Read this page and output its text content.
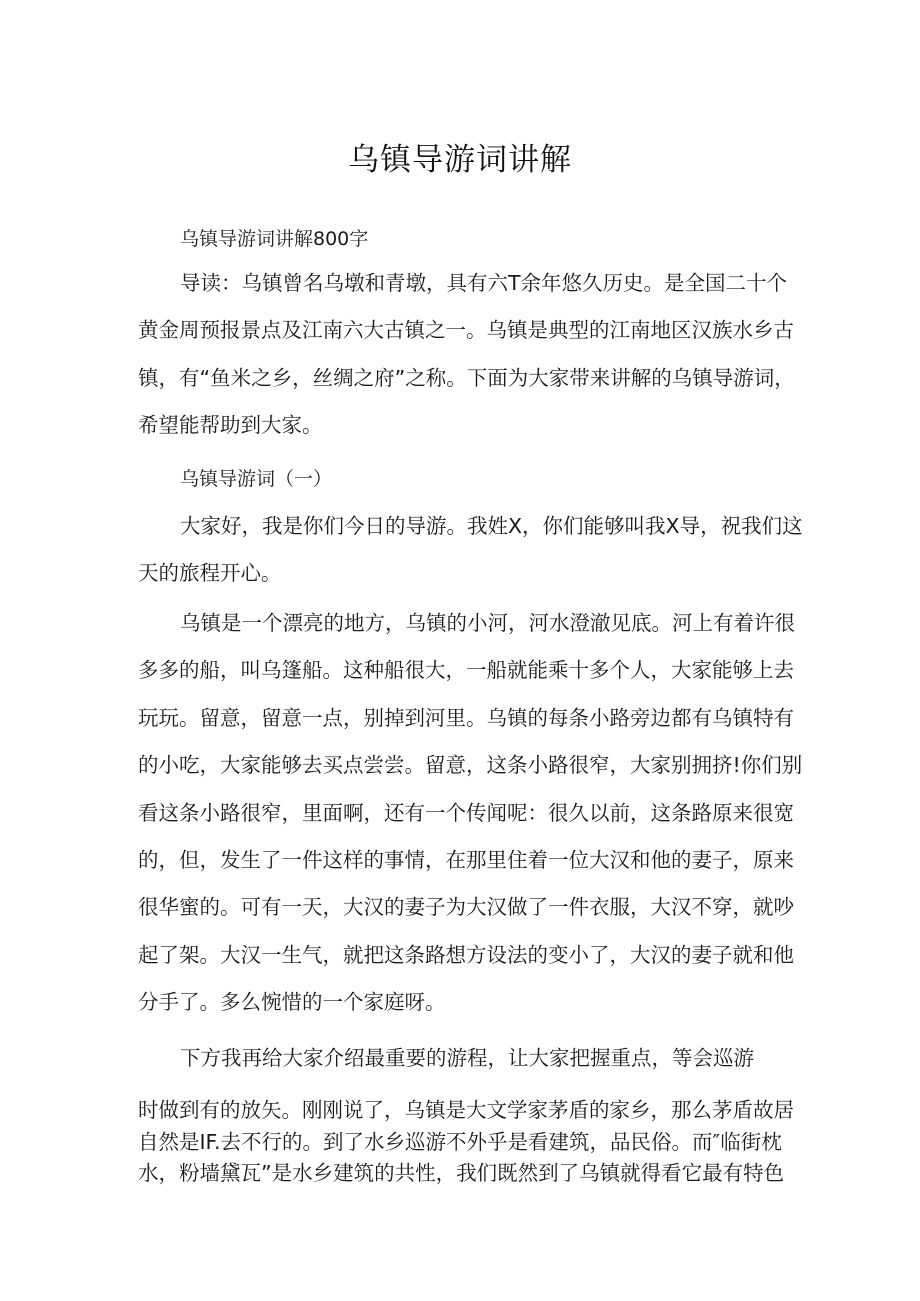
乌镇导游词讲解

乌镇导游词讲解800字

导读：乌镇曾名乌墩和青墩，具有六T余年悠久历史。是全国二十个
黄金周预报景点及江南六大古镇之一。乌镇是典型的江南地区汉族水乡古
镇，有“鱼米之乡，丝绸之府”之称。下面为大家带来讲解的乌镇导游词，
希望能帮助到大家。

乌镇导游词（一）

大家好，我是你们今日的导游。我姓X，你们能够叫我X导，祝我们这
天的旅程开心。

乌镇是一个漂亮的地方，乌镇的小河，河水澄澈见底。河上有着许很
多多的船，叫乌篷船。这种船很大，一船就能乘十多个人，大家能够上去
玩玩。留意，留意一点，别掉到河里。乌镇的每条小路旁边都有乌镇特有
的小吃，大家能够去买点尝尝。留意，这条小路很窄，大家别拥挤!你们别
看这条小路很窄，里面啊，还有一个传闻呢：很久以前，这条路原来很宽
的，但，发生了一件这样的事情，在那里住着一位大汉和他的妻子，原来
很华蜜的。可有一天，大汉的妻子为大汉做了一件衣服，大汉不穿，就吵
起了架。大汉一生气，就把这条路想方设法的变小了，大汉的妻子就和他
分手了。多么惋惜的一个家庭呀。

下方我再给大家介绍最重要的游程，让大家把握重点，等会巡游

时做到有的放矢。刚刚说了，乌镇是大文学家茅盾的家乡，那么茅盾故居
自然是IF.去不行的。到了水乡巡游不外乎是看建筑，品民俗。而″临街枕
水，粉墙黛瓦”是水乡建筑的共性，我们既然到了乌镇就得看它最有特色
